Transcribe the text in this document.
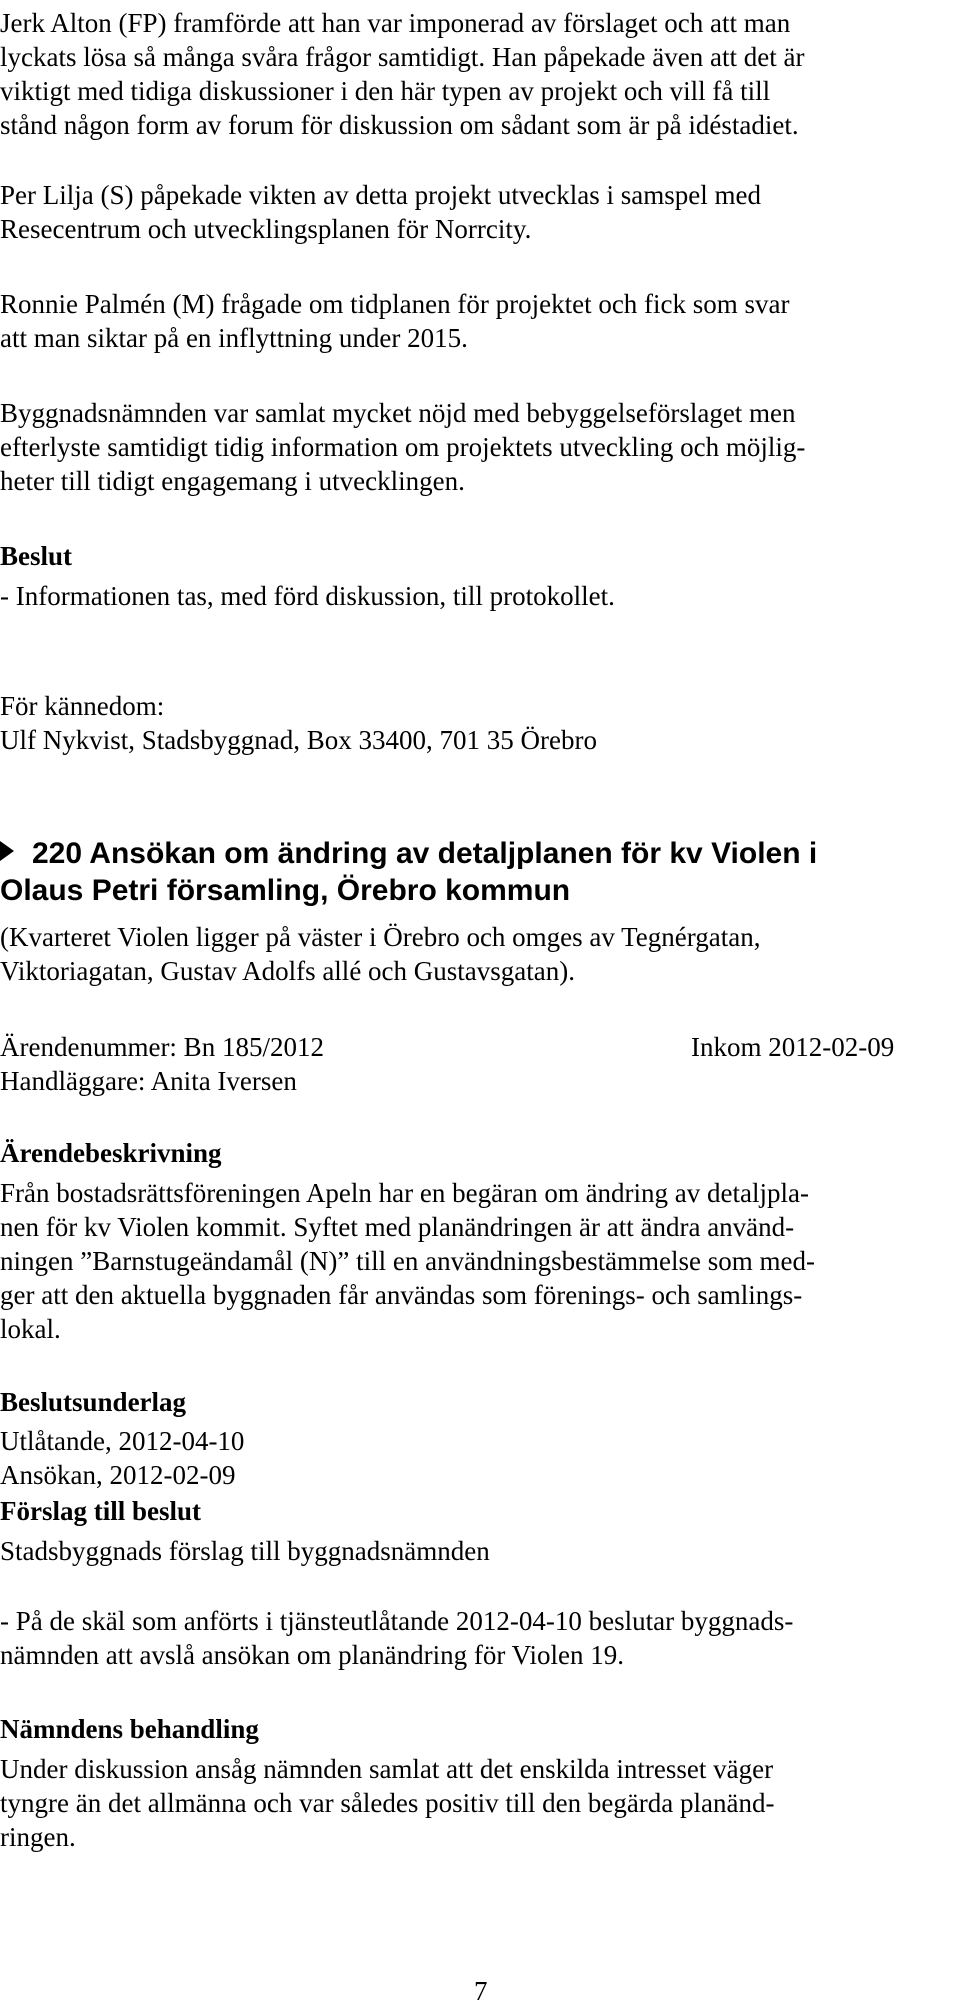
Jerk Alton (FP) framförde att han var imponerad av förslaget och att man
lyckats lösa så många svåra frågor samtidigt. Han påpekade även att det är
viktigt med tidiga diskussioner i den här typen av projekt och vill få till
stånd någon form av forum för diskussion om sådant som är på idéstadiet.
Per Lilja (S) påpekade vikten av detta projekt utvecklas i samspel med
Resecentrum och utvecklingsplanen för Norrcity.
Ronnie Palmén (M) frågade om tidplanen för projektet och fick som svar
att man siktar på en inflyttning under 2015.
Byggnadsnämnden var samlat mycket nöjd med bebyggelseförslaget men
efterlyste samtidigt tidig information om projektets utveckling och möjlig-
heter till tidigt engagemang i utvecklingen.
Beslut
- Informationen tas, med förd diskussion, till protokollet.
För kännedom:
Ulf Nykvist, Stadsbyggnad, Box 33400, 701 35 Örebro
220 Ansökan om ändring av detaljplanen för kv Violen i
Olaus Petri församling, Örebro kommun
(Kvarteret Violen ligger på väster i Örebro och omges av Tegnérgatan,
Viktoriagatan, Gustav Adolfs allé och Gustavsgatan).
Ärendenummer: Bn 185/2012	Inkom 2012-02-09
Handläggare: Anita Iversen
Ärendebeskrivning
Från bostadsrättsföreningen Apeln har en begäran om ändring av detaljpla-
nen för kv Violen kommit. Syftet med planändringen är att ändra använd-
ningen ”Barnstugeändamål (N)” till en användningsbestämmelse som med-
ger att den aktuella byggnaden får användas som förenings- och samlings-
lokal.
Beslutsunderlag
Utlåtande, 2012-04-10
Ansökan, 2012-02-09
Förslag till beslut
Stadsbyggnads förslag till byggnadsnämnden
- På de skäl som anförts i tjänsteutlåtande 2012-04-10 beslutar byggnads-
nämnden att avslå ansökan om planändring för Violen 19.
Nämndens behandling
Under diskussion ansåg nämnden samlat att det enskilda intresset väger
tyngre än det allmänna och var således positiv till den begärda planänd-
ringen.
7
